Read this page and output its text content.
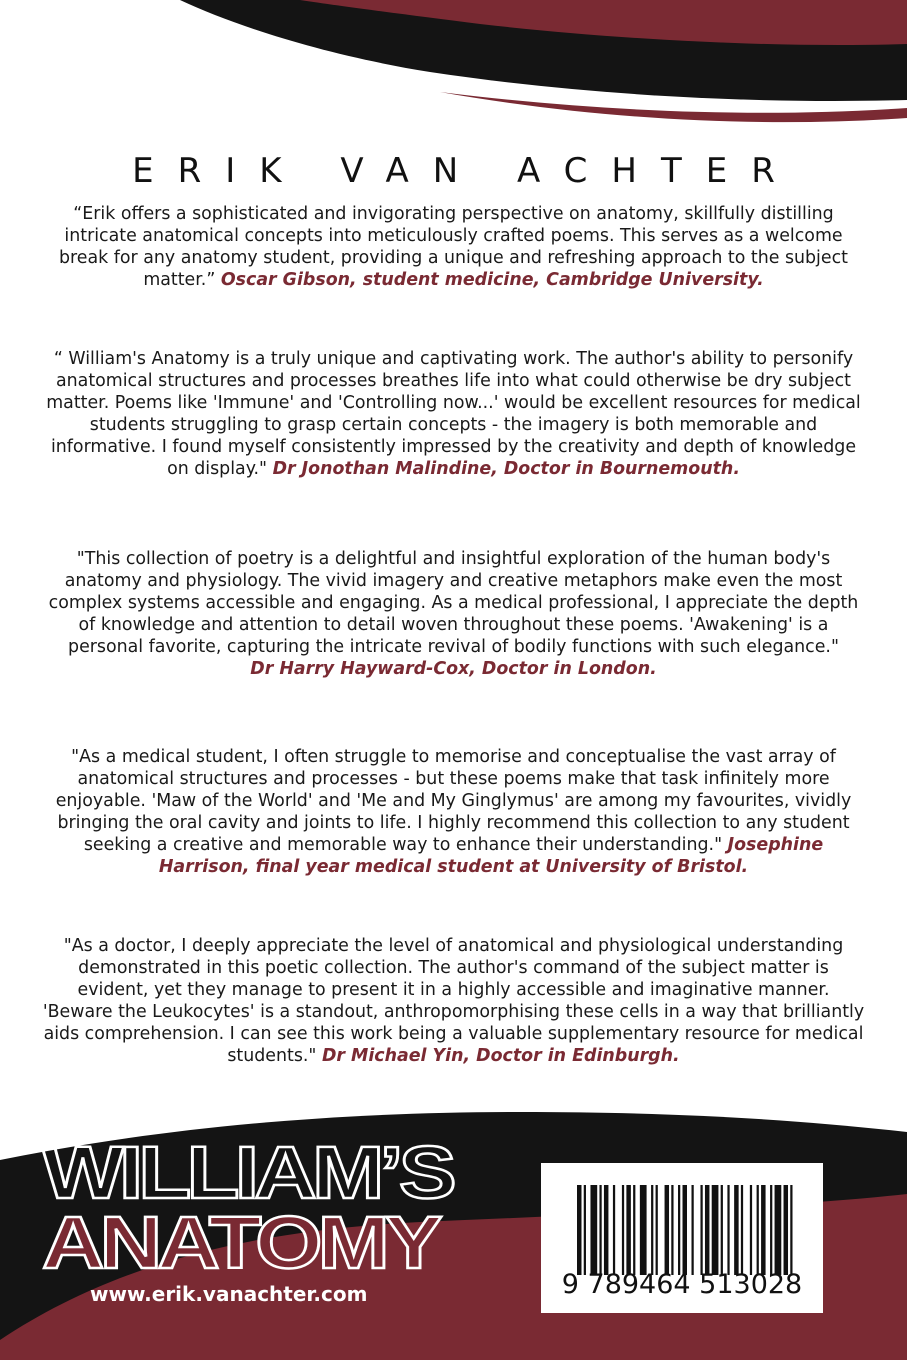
ERIK VAN ACHTER

“Erik offers a sophisticated and invigorating perspective on anatomy, skillfully distilling intricate anatomical concepts into meticulously crafted poems. This serves as a welcome break for any anatomy student, providing a unique and refreshing approach to the subject matter.” Oscar Gibson, student medicine, Cambridge University.

“ William's Anatomy is a truly unique and captivating work. The author's ability to personify anatomical structures and processes breathes life into what could otherwise be dry subject matter. Poems like 'Immune' and 'Controlling now...' would be excellent resources for medical students struggling to grasp certain concepts - the imagery is both memorable and informative. I found myself consistently impressed by the creativity and depth of knowledge on display." Dr Jonothan Malindine, Doctor in Bournemouth.

"This collection of poetry is a delightful and insightful exploration of the human body's anatomy and physiology. The vivid imagery and creative metaphors make even the most complex systems accessible and engaging. As a medical professional, I appreciate the depth of knowledge and attention to detail woven throughout these poems. 'Awakening' is a personal favorite, capturing the intricate revival of bodily functions with such elegance."
Dr Harry Hayward-Cox, Doctor in London.

"As a medical student, I often struggle to memorise and conceptualise the vast array of anatomical structures and processes - but these poems make that task infinitely more enjoyable. 'Maw of the World' and 'Me and My Ginglymus' are among my favourites, vividly bringing the oral cavity and joints to life. I highly recommend this collection to any student seeking a creative and memorable way to enhance their understanding." Josephine Harrison, final year medical student at University of Bristol.

"As a doctor, I deeply appreciate the level of anatomical and physiological understanding demonstrated in this poetic collection. The author's command of the subject matter is evident, yet they manage to present it in a highly accessible and imaginative manner. 'Beware the Leukocytes' is a standout, anthropomorphising these cells in a way that brilliantly aids comprehension. I can see this work being a valuable supplementary resource for medical students." Dr Michael Yin, Doctor in Edinburgh.

WILLIAM’S
ANATOMY
www.erik.vanachter.com	9 789464 513028
